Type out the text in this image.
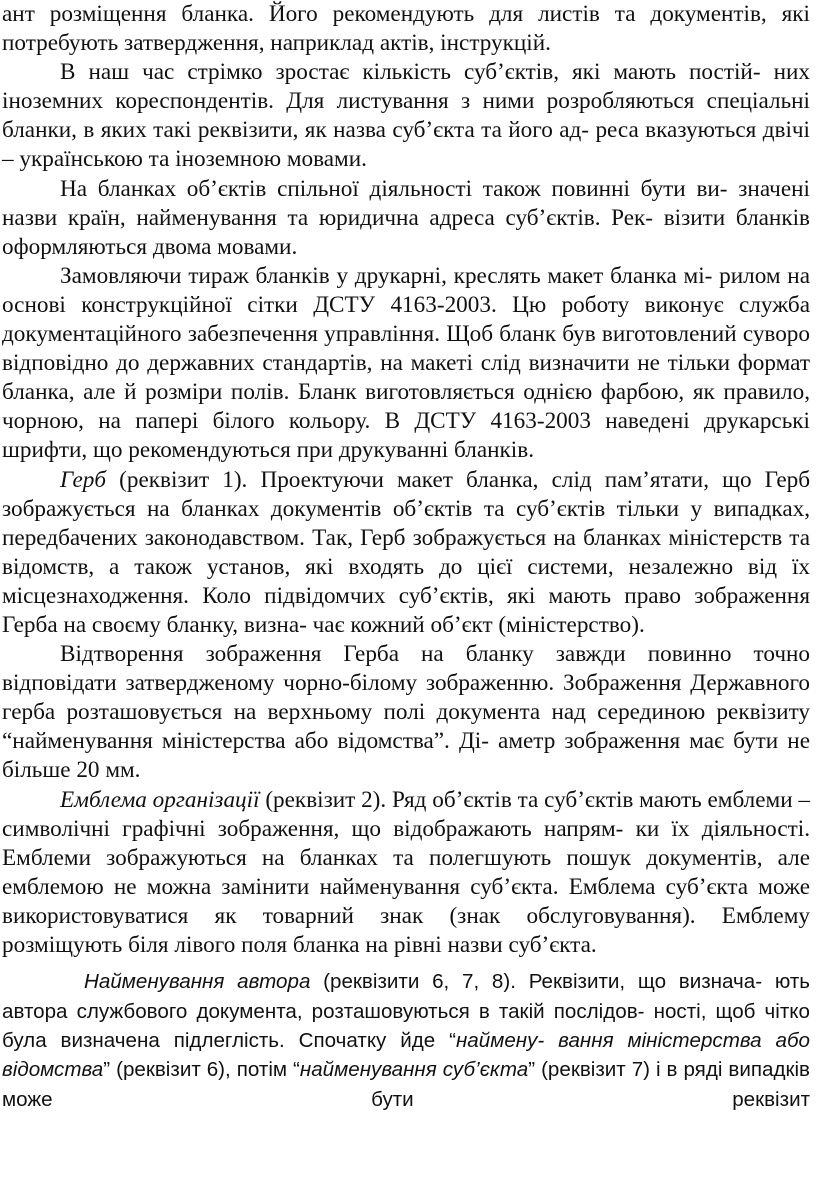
ант розміщення бланка. Його рекомендують для листів та документів, які потребують затвердження, наприклад актів, інструкцій.

В наш час стрімко зростає кількість суб’єктів, які мають постій- них іноземних кореспондентів. Для листування з ними розробляються спеціальні бланки, в яких такі реквізити, як назва суб’єкта та його ад- реса вказуються двічі – українською та іноземною мовами.

На бланках об’єктів спільної діяльності також повинні бути ви- значені назви країн, найменування та юридична адреса суб’єктів. Рек- візити бланків оформляються двома мовами.

Замовляючи тираж бланків у друкарні, креслять макет бланка мі- рилом на основі конструкційної сітки ДСТУ 4163-2003. Цю роботу виконує служба документаційного забезпечення управління. Щоб бланк був виготовлений суворо відповідно до державних стандартів, на макеті слід визначити не тільки формат бланка, але й розміри полів. Бланк виготовляється однією фарбою, як правило, чорною, на папері білого кольору. В ДСТУ 4163-2003 наведені друкарські шрифти, що рекомендуються при друкуванні бланків.

Герб (реквізит 1). Проектуючи макет бланка, слід пам’ятати, що Герб зображується на бланках документів об’єктів та суб’єктів тільки у випадках, передбачених законодавством. Так, Герб зображується на бланках міністерств та відомств, а також установ, які входять до цієї системи, незалежно від їх місцезнаходження. Коло підвідомчих суб’єктів, які мають право зображення Герба на своєму бланку, визна- чає кожний об’єкт (міністерство).

Відтворення зображення Герба на бланку завжди повинно точно відповідати затвердженому чорно-білому зображенню. Зображення Державного герба розташовується на верхньому полі документа над серединою реквізиту “найменування міністерства або відомства”. Ді- аметр зображення має бути не більше 20 мм.

Емблема організації (реквізит 2). Ряд об’єктів та суб’єктів мають емблеми – символічні графічні зображення, що відображають напрям- ки їх діяльності. Емблеми зображуються на бланках та полегшують пошук документів, але емблемою не можна замінити найменування суб’єкта. Емблема суб’єкта може використовуватися як товарний знак (знак обслуговування). Емблему розміщують біля лівого поля бланка на рівні назви суб’єкта.

Найменування автора (реквізити 6, 7, 8). Реквізити, що визнача- ють автора службового документа, розташовуються в такій послідов- ності, щоб чітко була визначена підлеглість. Спочатку йде “наймену- вання міністерства або відомства” (реквізит 6), потім “найменування суб’єкта” (реквізит 7) і в ряді випадків може бути реквізит
